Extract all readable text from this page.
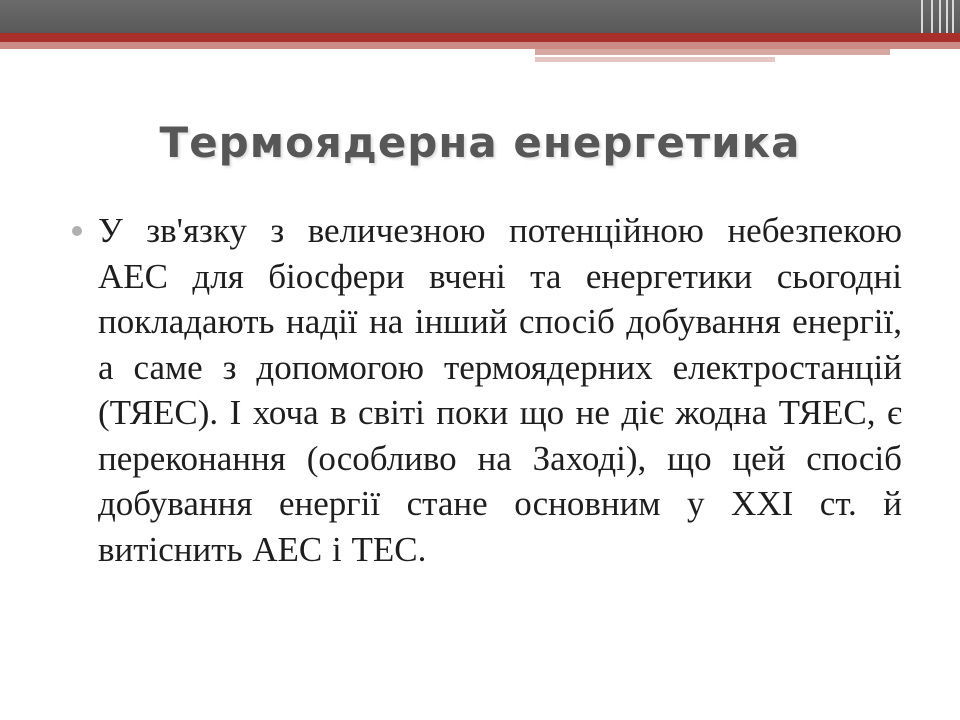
Термоядерна енергетика

У зв'язку з величезною потенційною небезпекою АЕС для біосфери вчені та енергетики сьогодні покладають надії на інший спосіб добування енергії, а саме з допомогою термоядерних електростанцій (ТЯЕС). І хоча в світі поки що не діє жодна ТЯЕС, є переконання (особливо на Заході), що цей спосіб добування енергії стане основним у ХХІ ст. й витіснить АЕС і ТЕС.
